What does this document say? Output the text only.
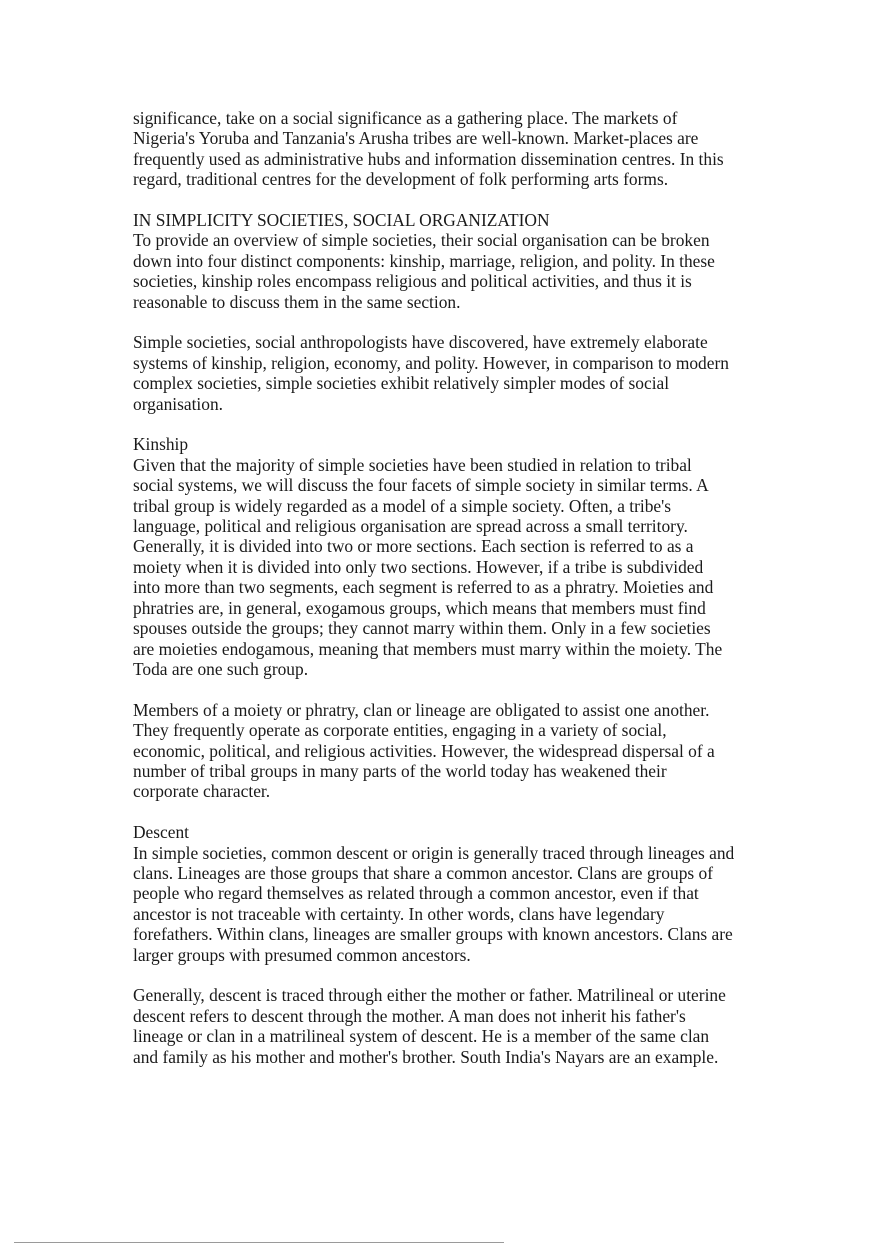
significance, take on a social significance as a gathering place. The markets of
Nigeria's Yoruba and Tanzania's Arusha tribes are well-known. Market-places are
frequently used as administrative hubs and information dissemination centres. In this
regard, traditional centres for the development of folk performing arts forms.
IN SIMPLICITY SOCIETIES, SOCIAL ORGANIZATION
To provide an overview of simple societies, their social organisation can be broken
down into four distinct components: kinship, marriage, religion, and polity. In these
societies, kinship roles encompass religious and political activities, and thus it is
reasonable to discuss them in the same section.
Simple societies, social anthropologists have discovered, have extremely elaborate
systems of kinship, religion, economy, and polity. However, in comparison to modern
complex societies, simple societies exhibit relatively simpler modes of social
organisation.
Kinship
Given that the majority of simple societies have been studied in relation to tribal
social systems, we will discuss the four facets of simple society in similar terms. A
tribal group is widely regarded as a model of a simple society. Often, a tribe's
language, political and religious organisation are spread across a small territory.
Generally, it is divided into two or more sections. Each section is referred to as a
moiety when it is divided into only two sections. However, if a tribe is subdivided
into more than two segments, each segment is referred to as a phratry. Moieties and
phratries are, in general, exogamous groups, which means that members must find
spouses outside the groups; they cannot marry within them. Only in a few societies
are moieties endogamous, meaning that members must marry within the moiety. The
Toda are one such group.
Members of a moiety or phratry, clan or lineage are obligated to assist one another.
They frequently operate as corporate entities, engaging in a variety of social,
economic, political, and religious activities. However, the widespread dispersal of a
number of tribal groups in many parts of the world today has weakened their
corporate character.
Descent
In simple societies, common descent or origin is generally traced through lineages and
clans. Lineages are those groups that share a common ancestor. Clans are groups of
people who regard themselves as related through a common ancestor, even if that
ancestor is not traceable with certainty. In other words, clans have legendary
forefathers. Within clans, lineages are smaller groups with known ancestors. Clans are
larger groups with presumed common ancestors.
Generally, descent is traced through either the mother or father. Matrilineal or uterine
descent refers to descent through the mother. A man does not inherit his father's
lineage or clan in a matrilineal system of descent. He is a member of the same clan
and family as his mother and mother's brother. South India's Nayars are an example.
